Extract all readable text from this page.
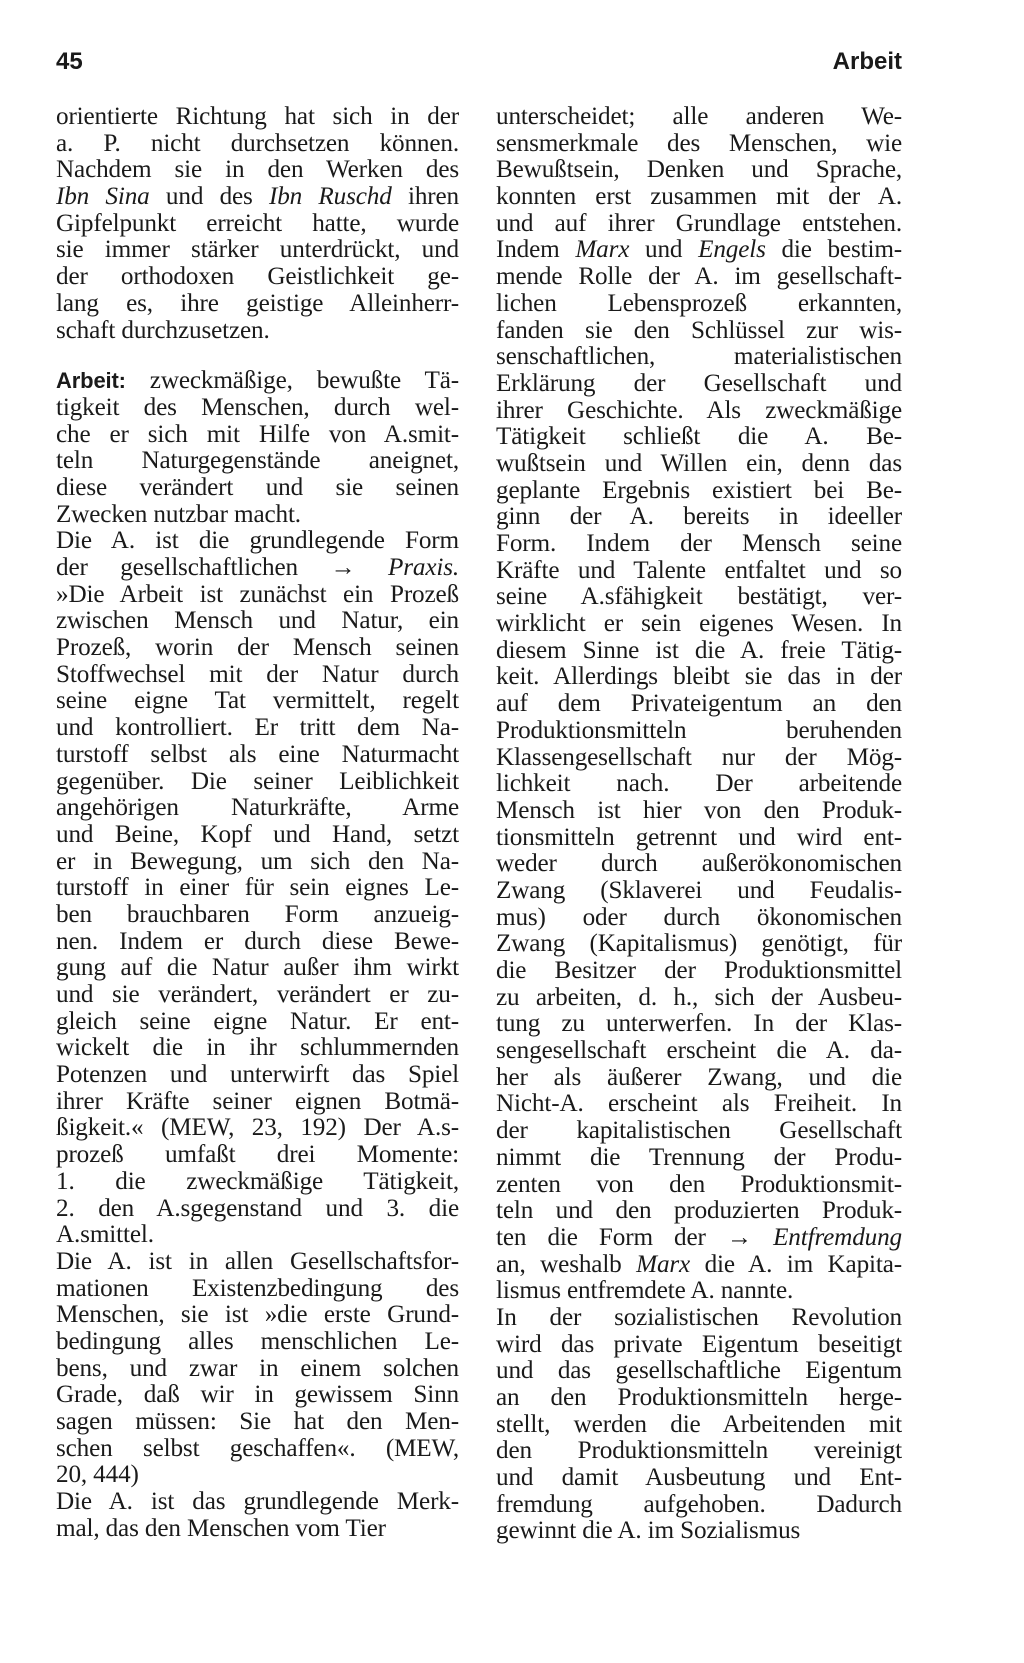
45	Arbeit
orientierte Richtung hat sich in der
a. P. nicht durchsetzen können.
Nachdem sie in den Werken des
Ibn Sina und des Ibn Ruschd ihren
Gipfelpunkt erreicht hatte, wurde
sie immer stärker unterdrückt, und
der orthodoxen Geistlichkeit ge-
lang es, ihre geistige Alleinherr-
schaft durchzusetzen.
Arbeit: zweckmäßige, bewußte Tä-
tigkeit des Menschen, durch wel-
che er sich mit Hilfe von A.smit-
teln Naturgegenstände aneignet,
diese verändert und sie seinen
Zwecken nutzbar macht.
Die A. ist die grundlegende Form
der gesellschaftlichen → Praxis.
»Die Arbeit ist zunächst ein Prozeß
zwischen Mensch und Natur, ein
Prozeß, worin der Mensch seinen
Stoffwechsel mit der Natur durch
seine eigne Tat vermittelt, regelt
und kontrolliert. Er tritt dem Na-
turstoff selbst als eine Naturmacht
gegenüber. Die seiner Leiblichkeit
angehörigen Naturkräfte, Arme
und Beine, Kopf und Hand, setzt
er in Bewegung, um sich den Na-
turstoff in einer für sein eignes Le-
ben brauchbaren Form anzueig-
nen. Indem er durch diese Bewe-
gung auf die Natur außer ihm wirkt
und sie verändert, verändert er zu-
gleich seine eigne Natur. Er ent-
wickelt die in ihr schlummernden
Potenzen und unterwirft das Spiel
ihrer Kräfte seiner eignen Botmä-
ßigkeit.« (MEW, 23, 192) Der A.s-
prozeß umfaßt drei Momente:
1. die zweckmäßige Tätigkeit,
2. den A.sgegenstand und 3. die
A.smittel.
Die A. ist in allen Gesellschaftsfor-
mationen Existenzbedingung des
Menschen, sie ist »die erste Grund-
bedingung alles menschlichen Le-
bens, und zwar in einem solchen
Grade, daß wir in gewissem Sinn
sagen müssen: Sie hat den Men-
schen selbst geschaffen«. (MEW,
20, 444)
Die A. ist das grundlegende Merk-
mal, das den Menschen vom Tier
unterscheidet; alle anderen We-
sensmerkmale des Menschen, wie
Bewußtsein, Denken und Sprache,
konnten erst zusammen mit der A.
und auf ihrer Grundlage entstehen.
Indem Marx und Engels die bestim-
mende Rolle der A. im gesellschaft-
lichen Lebensprozeß erkannten,
fanden sie den Schlüssel zur wis-
senschaftlichen, materialistischen
Erklärung der Gesellschaft und
ihrer Geschichte. Als zweckmäßige
Tätigkeit schließt die A. Be-
wußtsein und Willen ein, denn das
geplante Ergebnis existiert bei Be-
ginn der A. bereits in ideeller
Form. Indem der Mensch seine
Kräfte und Talente entfaltet und so
seine A.sfähigkeit bestätigt, ver-
wirklicht er sein eigenes Wesen. In
diesem Sinne ist die A. freie Tätig-
keit. Allerdings bleibt sie das in der
auf dem Privateigentum an den
Produktionsmitteln beruhenden
Klassengesellschaft nur der Mög-
lichkeit nach. Der arbeitende
Mensch ist hier von den Produk-
tionsmitteln getrennt und wird ent-
weder durch außerökonomischen
Zwang (Sklaverei und Feudalis-
mus) oder durch ökonomischen
Zwang (Kapitalismus) genötigt, für
die Besitzer der Produktionsmittel
zu arbeiten, d. h., sich der Ausbeu-
tung zu unterwerfen. In der Klas-
sengesellschaft erscheint die A. da-
her als äußerer Zwang, und die
Nicht-A. erscheint als Freiheit. In
der kapitalistischen Gesellschaft
nimmt die Trennung der Produ-
zenten von den Produktionsmit-
teln und den produzierten Produk-
ten die Form der → Entfremdung
an, weshalb Marx die A. im Kapita-
lismus entfremdete A. nannte.
In der sozialistischen Revolution
wird das private Eigentum beseitigt
und das gesellschaftliche Eigentum
an den Produktionsmitteln herge-
stellt, werden die Arbeitenden mit
den Produktionsmitteln vereinigt
und damit Ausbeutung und Ent-
fremdung aufgehoben. Dadurch
gewinnt die A. im Sozialismus
